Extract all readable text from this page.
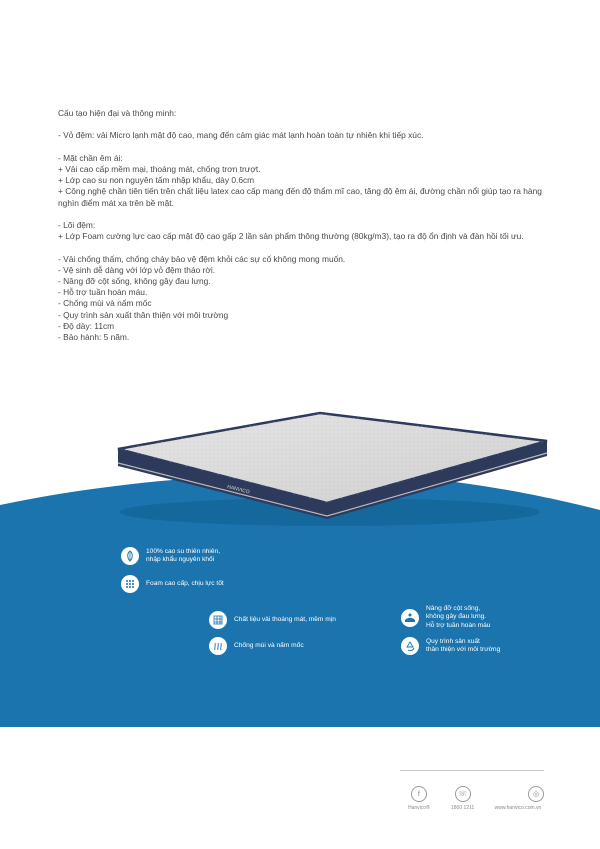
Cấu tạo hiện đại và thông minh:
- Vỏ đệm: vải Micro lạnh mật độ cao, mang đến cảm giác mát lạnh hoàn toàn tự nhiên khi tiếp xúc.
- Mặt chần êm ái:
+ Vải cao cấp mềm mại, thoáng mát, chống trơn trượt.
+ Lớp cao su non nguyên tấm nhập khẩu, dày 0.6cm
+ Công nghệ chần tiên tiến trên chất liệu latex cao cấp mang đến độ thẩm mĩ cao, tăng độ êm ái, đường chần nổi giúp tạo ra hàng nghìn điểm mát xa trên bề mặt.
- Lõi đệm:
+ Lớp Foam cường lực cao cấp mật độ cao gấp 2 lần sản phẩm thông thường (80kg/m3), tạo ra độ ổn định và đàn hồi tối ưu.
- Vải chống thấm, chống cháy bảo vệ đệm khỏi các sự cố không mong muốn.
- Vệ sinh dễ dàng với lớp vỏ đệm tháo rời.
- Nâng đỡ cột sống, không gây đau lưng.
- Hỗ trợ tuần hoàn máu.
- Chống mùi và nấm mốc
- Quy trình sản xuất thân thiện với môi trường
- Độ dày: 11cm
- Bảo hành: 5 năm.
HANVICO
100% cao su thiên nhiên,
nhập khẩu nguyên khối
Foam cao cấp, chịu lực tốt
Chất liệu vải thoáng mát, mềm mịn
Chống mùi và nấm mốc
Nâng đỡ cột sống,
không gây đau lưng.
Hỗ trợ tuần hoàn máu
Quy trình sản xuất
thân thiện với môi trường
f
Hanvico®
☏
1800 1211
◎
www.hanvico.com.vn
